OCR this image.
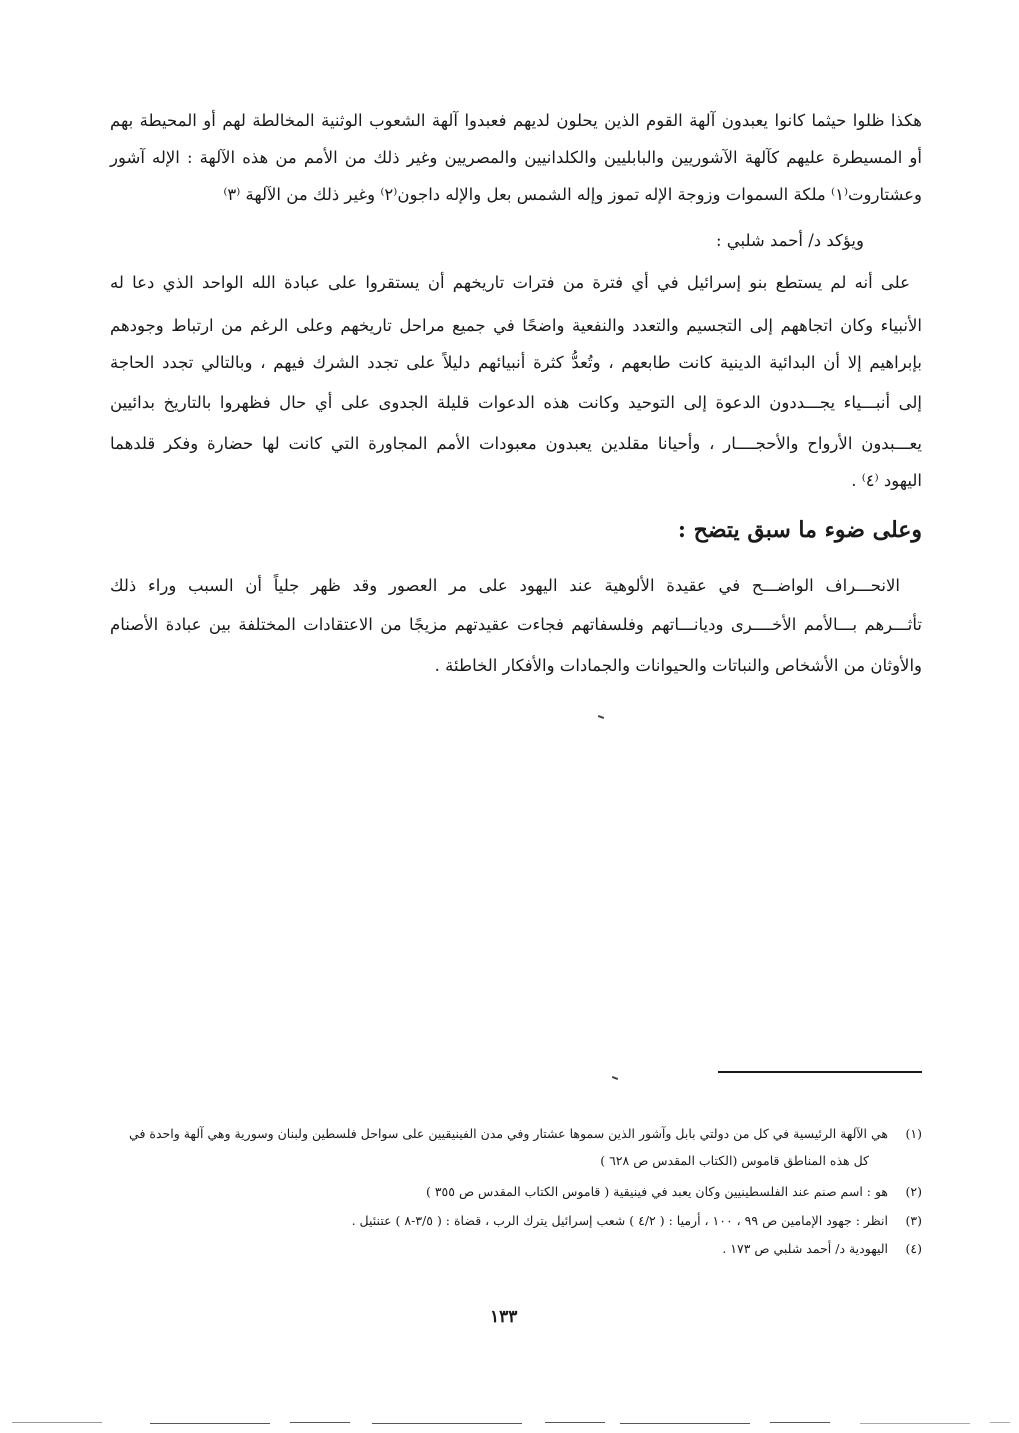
هكذا ظلوا حيثما كانوا يعبدون آلهة القوم الذين يحلون لديهم فعبدوا آلهة الشعوب الوثنية المخالطة لهم أو المحيطة بهم
أو المسيطرة عليهم كآلهة الآشوريين والبابليين والكلدانيين والمصريين وغير ذلك من الأمم من هذه الآلهة : الإله آشور
وعشتاروت⁽١⁾ ملكة السموات وزوجة الإله تموز وإله الشمس بعل والإله داجون⁽٢⁾ وغير ذلك من الآلهة ⁽٣⁾
ويؤكد د/ أحمد شلبي :
على أنه لم يستطع بنو إسرائيل في أي فترة من فترات تاريخهم أن يستقروا على عبادة الله الواحد الذي دعا له
الأنبياء وكان اتجاههم إلى التجسيم والتعدد والنفعية واضحًا في جميع مراحل تاريخهم وعلى الرغم من ارتباط وجودهم
بإبراهيم إلا أن البدائية الدينية كانت طابعهم ، وتُعدُّ كثرة أنبيائهم دليلاً على تجدد الشرك فيهم ، وبالتالي تجدد الحاجة
إلى أنبـــياء يجـــددون الدعوة إلى التوحيد وكانت هذه الدعوات قليلة الجدوى على أي حال فظهروا بالتاريخ بدائيين
يعـــبدون الأرواح والأحجــــار ، وأحيانا مقلدين يعبدون معبودات الأمم المجاورة التي كانت لها حضارة وفكر قلدهما
اليهود ⁽٤⁾ .
وعلى ضوء ما سبق يتضح :
الانحـــراف الواضـــح في عقيدة الألوهية عند اليهود على مر العصور وقد ظهر جلياً أن السبب وراء ذلك
تأثـــرهم بـــالأمم الأخــــرى وديانـــاتهم وفلسفاتهم فجاءت عقيدتهم مزيجًا من الاعتقادات المختلفة بين عبادة الأصنام
والأوثان من الأشخاص والنباتات والحيوانات والجمادات والأفكار الخاطئة .
(١) هي الآلهة الرئيسية في كل من دولتي بابل وآشور الذين سموها عشتار وفي مدن الفينيقيين على سواحل فلسطين ولبنان وسورية وهي آلهة واحدة في
كل هذه المناطق قاموس (الكتاب المقدس ص ٦٢٨ )
(٢) هو : اسم صنم عند الفلسطينيين وكان يعبد في فينيقية ( قاموس الكتاب المقدس ص ٣٥٥ )
(٣) انظر : جهود الإمامين ص ٩٩ ، ١٠٠ ، أرميا : ( ٤/٢ ) شعب إسرائيل يترك الرب ، قضاة : ( ٣/٥-٨ ) عتنئيل .
(٤) اليهودية د/ أحمد شلبي ص ١٧٣ .
١٣٣
